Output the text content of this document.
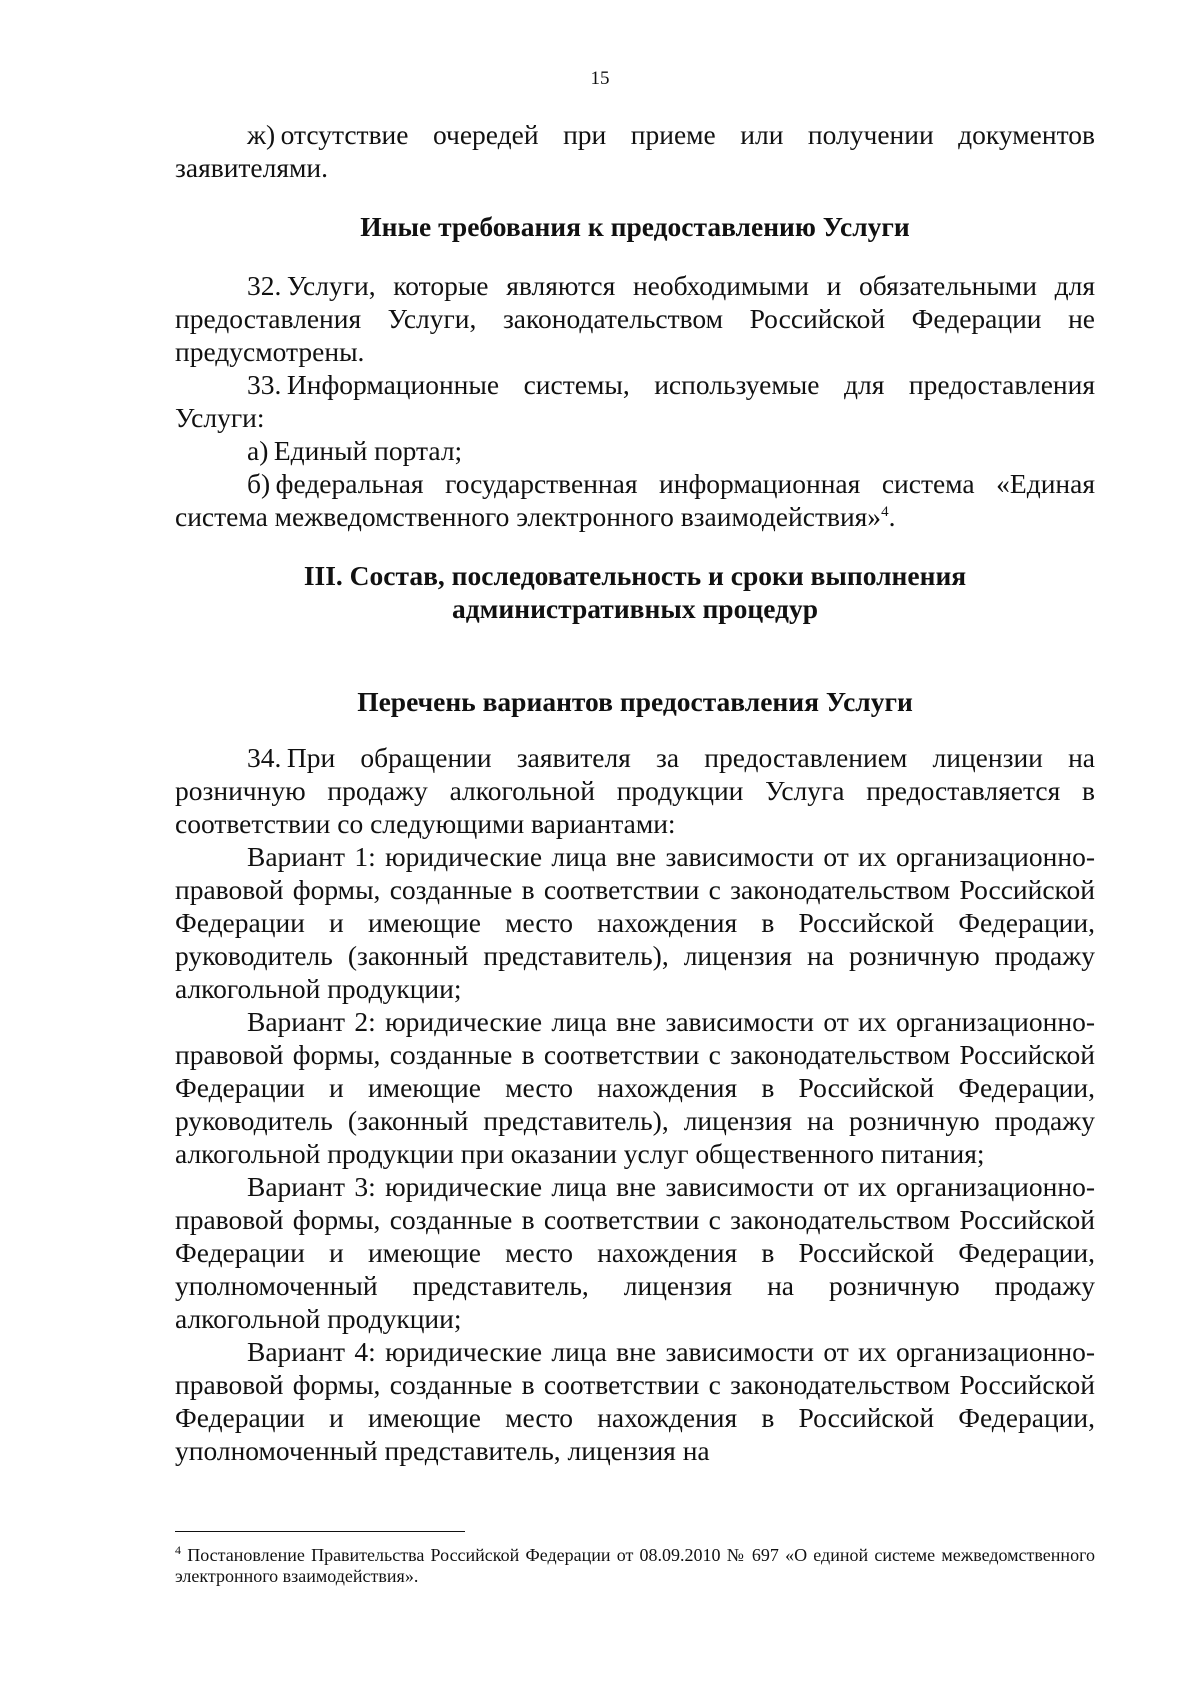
15

ж) отсутствие очередей при приеме или получении документов заявителями.

Иные требования к предоставлению Услуги

32. Услуги, которые являются необходимыми и обязательными для предоставления Услуги, законодательством Российской Федерации не предусмотрены.

33. Информационные системы, используемые для предоставления Услуги:

а) Единый портал;

б) федеральная государственная информационная система «Единая система межведомственного электронного взаимодействия»$^4$.

III. Состав, последовательность и сроки выполнения
административных процедур
Перечень вариантов предоставления Услуги

34. При обращении заявителя за предоставлением лицензии на розничную продажу алкогольной продукции Услуга предоставляется в соответствии со следующими вариантами:

Вариант 1: юридические лица вне зависимости от их организационно-правовой формы, созданные в соответствии с законодательством Российской Федерации и имеющие место нахождения в Российской Федерации, руководитель (законный представитель), лицензия на розничную продажу алкогольной продукции;

Вариант 2: юридические лица вне зависимости от их организационно-правовой формы, созданные в соответствии с законодательством Российской Федерации и имеющие место нахождения в Российской Федерации, руководитель (законный представитель), лицензия на розничную продажу алкогольной продукции при оказании услуг общественного питания;

Вариант 3: юридические лица вне зависимости от их организационно-правовой формы, созданные в соответствии с законодательством Российской Федерации и имеющие место нахождения в Российской Федерации, уполномоченный представитель, лицензия на розничную продажу алкогольной продукции;

Вариант 4: юридические лица вне зависимости от их организационно-правовой формы, созданные в соответствии с законодательством Российской Федерации и имеющие место нахождения в Российской Федерации, уполномоченный представитель, лицензия на

$^4$ Постановление Правительства Российской Федерации от 08.09.2010 № 697 «О единой системе межведомственного электронного взаимодействия».
